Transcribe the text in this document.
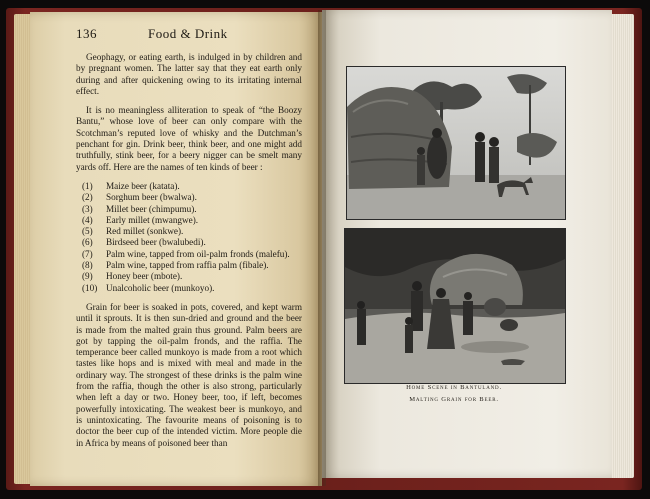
136	Food & Drink

Geophagy, or eating earth, is indulged in by children and by pregnant women. The latter say that they eat earth only during and after quickening owing to its irritating internal effect.

It is no meaningless alliteration to speak of “the Boozy Bantu,” whose love of beer can only compare with the Scotchman’s reputed love of whisky and the Dutchman’s penchant for gin. Drink beer, think beer, and one might add truthfully, stink beer, for a beery nigger can be smelt many yards off. Here are the names of ten kinds of beer :

(1) Maize beer (katata).
(2) Sorghum beer (bwalwa).
(3) Millet beer (chimpumu).
(4) Early millet (mwangwe).
(5) Red millet (sonkwe).
(6) Birdseed beer (bwalubedi).
(7) Palm wine, tapped from oil-palm fronds (malefu).
(8) Palm wine, tapped from raffia palm (fibale).
(9) Honey beer (mbote).
(10) Unalcoholic beer (munkoyo).

Grain for beer is soaked in pots, covered, and kept warm until it sprouts. It is then sun-dried and ground and the beer is made from the malted grain thus ground. Palm beers are got by tapping the oil-palm fronds, and the raffia. The temperance beer called munkoyo is made from a root which tastes like hops and is mixed with meal and made in the ordinary way. The strongest of these drinks is the palm wine from the raffia, though the other is also strong, particularly when left a day or two. Honey beer, too, if left, becomes powerfully intoxicating. The weakest beer is munkoyo, and is unintoxicating. The favourite means of poisoning is to doctor the beer cup of the intended victim. More people die in Africa by means of poisoned beer than

Home Scene in Bantuland.
Malting Grain for Beer.
